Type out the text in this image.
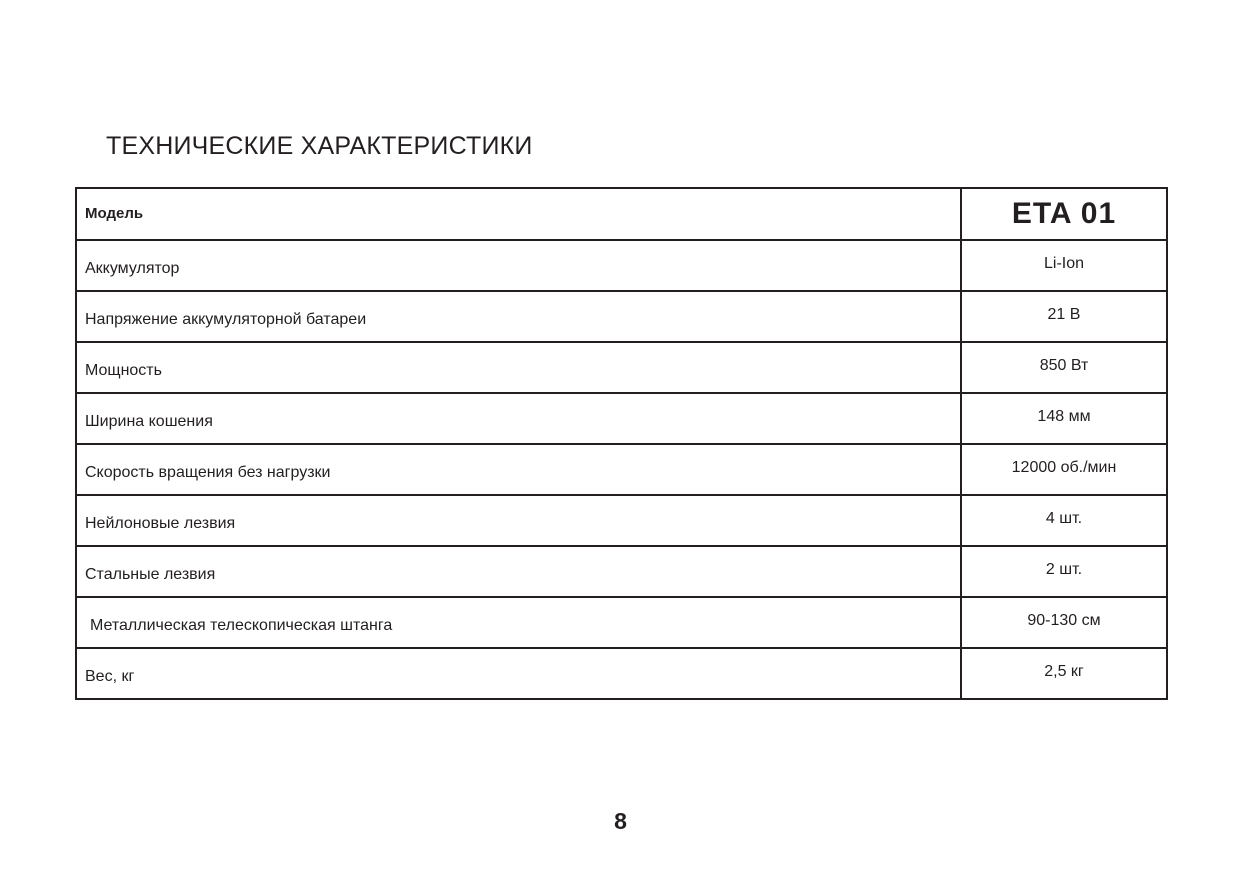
ТЕХНИЧЕСКИЕ ХАРАКТЕРИСТИКИ
Модель	ETA 01
Аккумулятор	Li-Ion
Напряжение аккумуляторной батареи	21 В
Мощность	850 Вт
Ширина кошения	148 мм
Скорость вращения без нагрузки	12000 об./мин
Нейлоновые лезвия	4 шт.
Стальные лезвия	2 шт.
Металлическая телескопическая штанга	90-130 см
Вес, кг	2,5 кг
8
